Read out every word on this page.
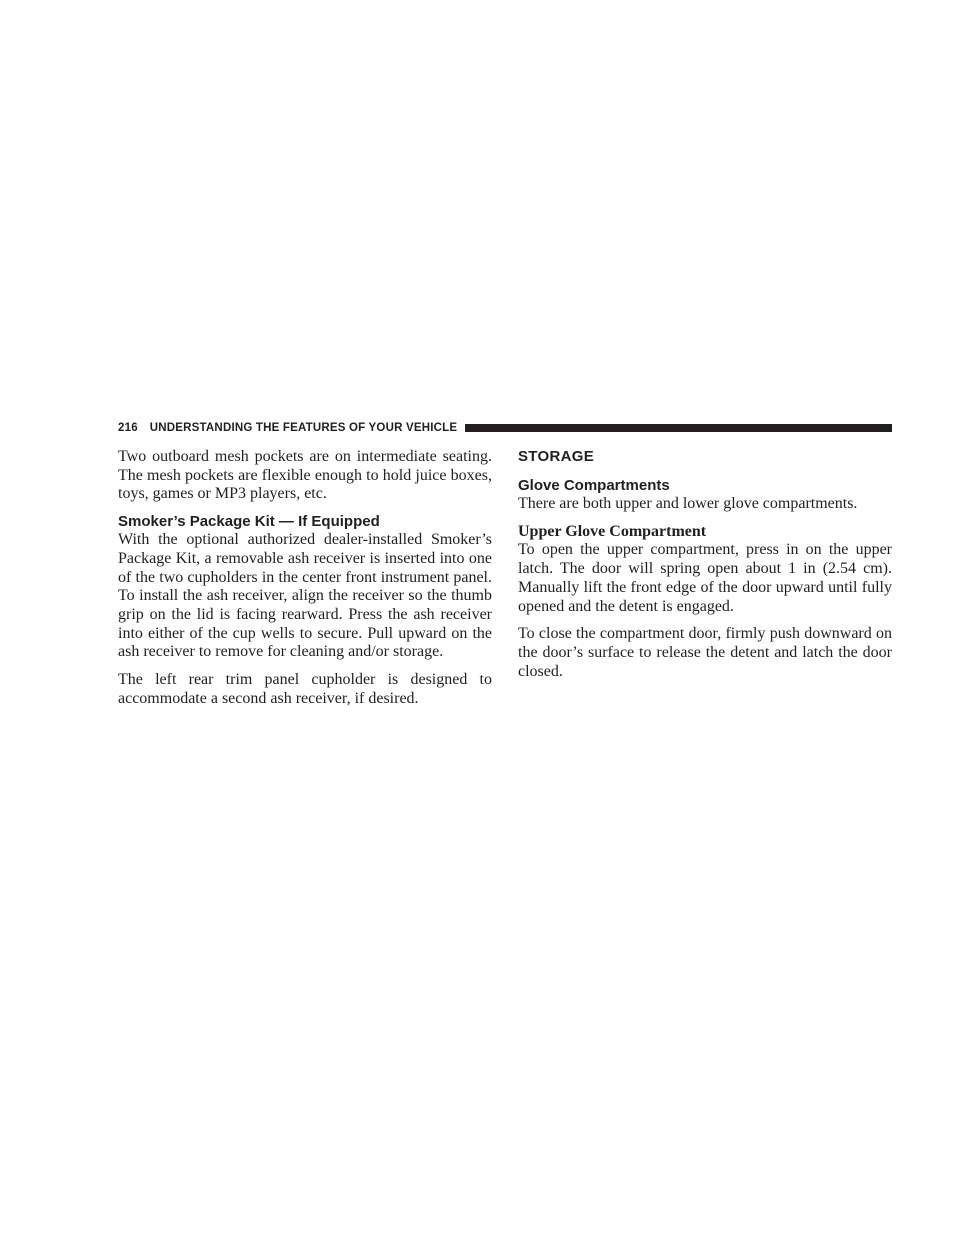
216 UNDERSTANDING THE FEATURES OF YOUR VEHICLE

Two outboard mesh pockets are on intermediate seating. The mesh pockets are flexible enough to hold juice boxes, toys, games or MP3 players, etc.

Smoker’s Package Kit — If Equipped

With the optional authorized dealer-installed Smoker’s Package Kit, a removable ash receiver is inserted into one of the two cupholders in the center front instrument panel. To install the ash receiver, align the receiver so the thumb grip on the lid is facing rearward. Press the ash receiver into either of the cup wells to secure. Pull upward on the ash receiver to remove for cleaning and/or storage.

The left rear trim panel cupholder is designed to accommodate a second ash receiver, if desired.

STORAGE
Glove Compartments

There are both upper and lower glove compartments.

Upper Glove Compartment

To open the upper compartment, press in on the upper latch. The door will spring open about 1 in (2.54 cm). Manually lift the front edge of the door upward until fully opened and the detent is engaged.

To close the compartment door, firmly push downward on the door’s surface to release the detent and latch the door closed.
